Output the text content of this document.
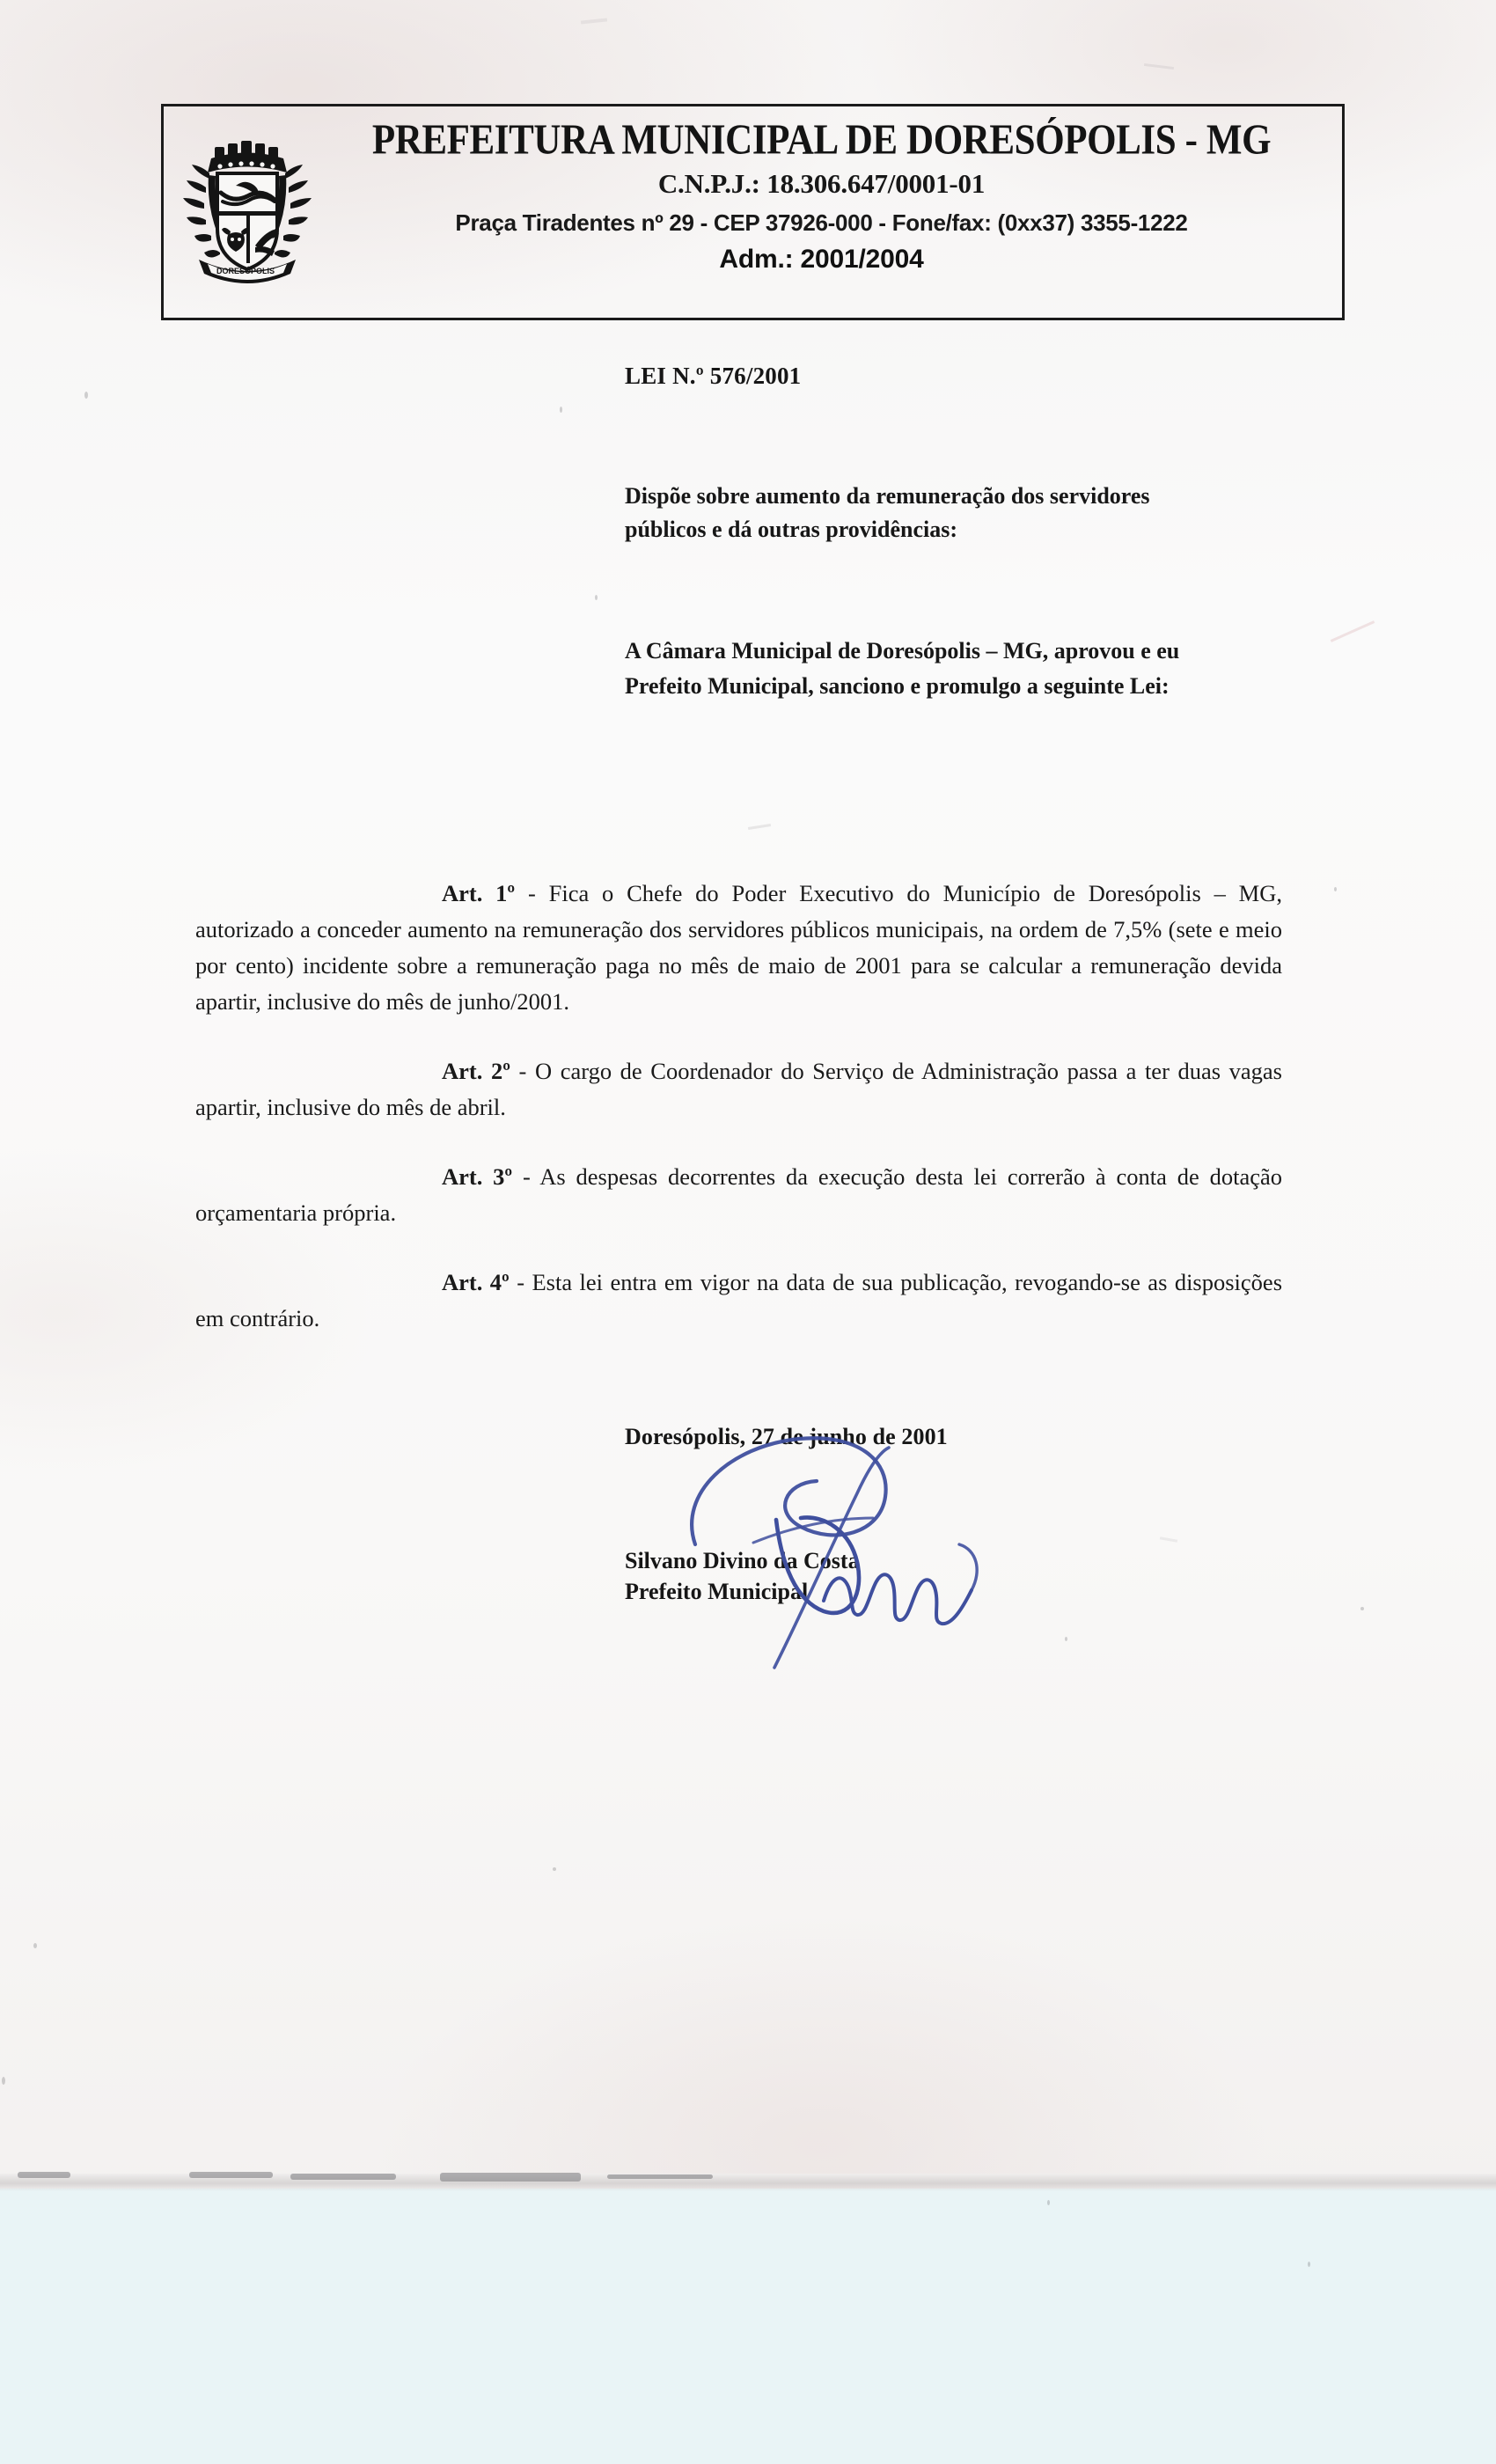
DORESÓPOLIS
PREFEITURA MUNICIPAL DE DORESÓPOLIS - MG
C.N.P.J.: 18.306.647/0001-01
Praça Tiradentes nº 29 - CEP 37926-000 - Fone/fax: (0xx37) 3355-1222
Adm.: 2001/2004
LEI N.º 576/2001
Dispõe sobre aumento da remuneração dos servidores públicos e dá outras providências:
A Câmara Municipal de Doresópolis – MG, aprovou e eu Prefeito Municipal, sanciono e promulgo a seguinte Lei:

Art. 1º - Fica o Chefe do Poder Executivo do Município de Doresópolis – MG, autorizado a conceder aumento na remuneração dos servidores públicos municipais, na ordem de 7,5% (sete e meio por cento) incidente sobre a remuneração paga no mês de maio de 2001 para se calcular a remuneração devida apartir, inclusive do mês de junho/2001.

Art. 2º - O cargo de Coordenador do Serviço de Administração passa a ter duas vagas apartir, inclusive do mês de abril.

Art. 3º - As despesas decorrentes da execução desta lei correrão à conta de dotação orçamentaria própria.

Art. 4º - Esta lei entra em vigor na data de sua publicação, revogando-se as disposições em contrário.

Doresópolis, 27 de junho de 2001
Silvano Divino da Costa
Prefeito Municipal
